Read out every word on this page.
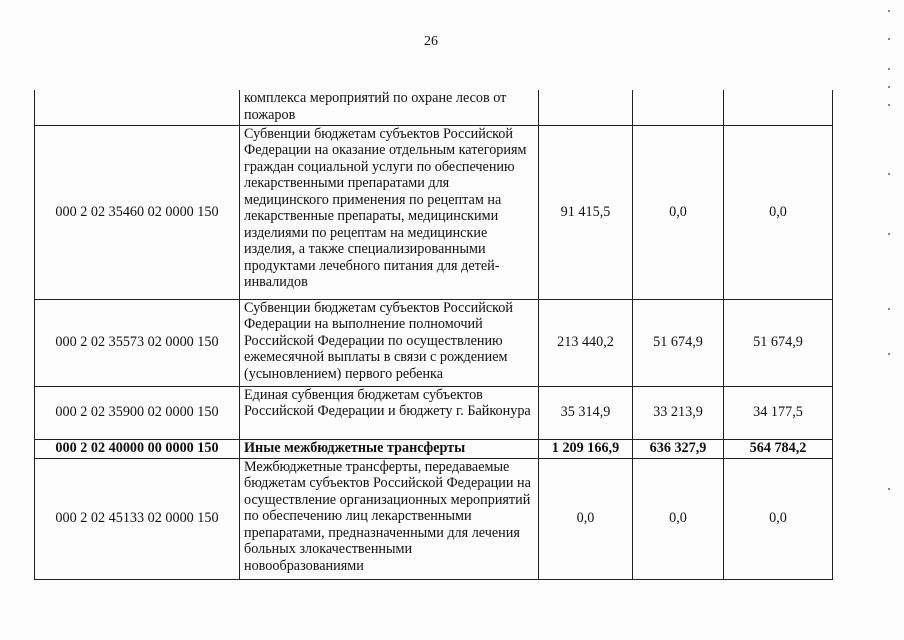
26
	комплекса мероприятий по охране лесов от пожаров			
000 2 02 35460 02 0000 150	Субвенции бюджетам субъектов Российской Федерации на оказание отдельным категориям граждан социальной услуги по обеспечению лекарственными препаратами для медицинского применения по рецептам на лекарственные препараты, медицинскими изделиями по рецептам на медицинские изделия, а также специализированными продуктами лечебного питания для детей-инвалидов	91 415,5	0,0	0,0
000 2 02 35573 02 0000 150	Субвенции бюджетам субъектов Российской Федерации на выполнение полномочий Российской Федерации по осуществлению ежемесячной выплаты в связи с рождением (усыновлением) первого ребенка	213 440,2	51 674,9	51 674,9
000 2 02 35900 02 0000 150	Единая субвенция бюджетам субъектов Российской Федерации и бюджету г. Байконура	35 314,9	33 213,9	34 177,5
000 2 02 40000 00 0000 150	Иные межбюджетные трансферты	1 209 166,9	636 327,9	564 784,2
000 2 02 45133 02 0000 150	Межбюджетные трансферты, передаваемые бюджетам субъектов Российской Федерации на осуществление организационных мероприятий по обеспечению лиц лекарственными препаратами, предназначенными для лечения больных злокачественными новообразованиями	0,0	0,0	0,0
